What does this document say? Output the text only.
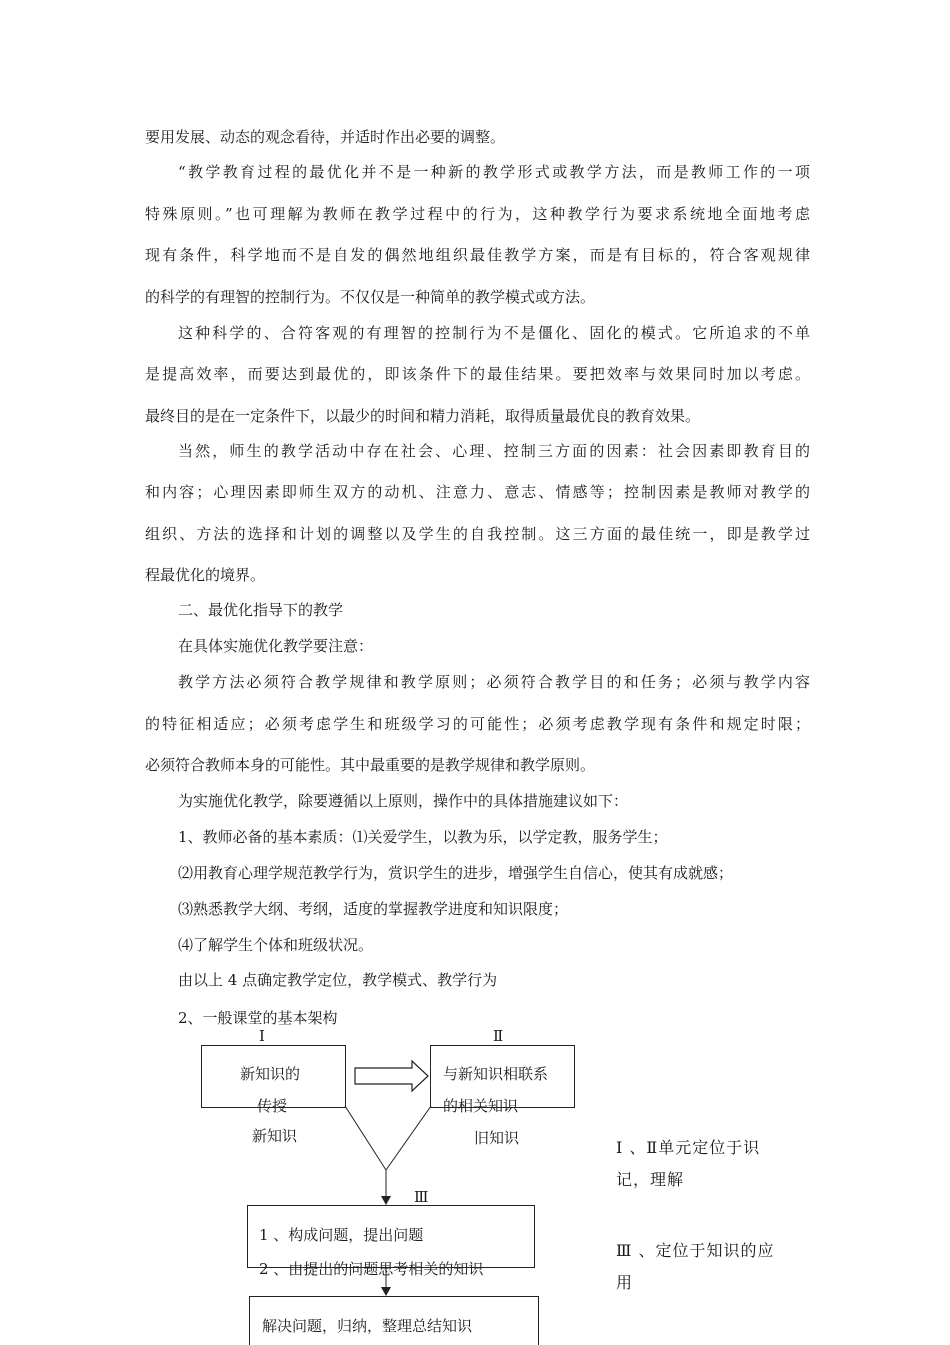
要用发展、动态的观念看待，并适时作出必要的调整。
“教学教育过程的最优化并不是一种新的教学形式或教学方法，而是教师工作的一项
特殊原则。”也可理解为教师在教学过程中的行为，这种教学行为要求系统地全面地考虑
现有条件，科学地而不是自发的偶然地组织最佳教学方案，而是有目标的，符合客观规律
的科学的有理智的控制行为。不仅仅是一种简单的教学模式或方法。
这种科学的、合符客观的有理智的控制行为不是僵化、固化的模式。它所追求的不单
是提高效率，而要达到最优的，即该条件下的最佳结果。要把效率与效果同时加以考虑。
最终目的是在一定条件下，以最少的时间和精力消耗，取得质量最优良的教育效果。
当然，师生的教学活动中存在社会、心理、控制三方面的因素：社会因素即教育目的
和内容；心理因素即师生双方的动机、注意力、意志、情感等；控制因素是教师对教学的
组织、方法的选择和计划的调整以及学生的自我控制。这三方面的最佳统一，即是教学过
程最优化的境界。
二、最优化指导下的教学
在具体实施优化教学要注意：
教学方法必须符合教学规律和教学原则；必须符合教学目的和任务；必须与教学内容
的特征相适应；必须考虑学生和班级学习的可能性；必须考虑教学现有条件和规定时限；
必须符合教师本身的可能性。其中最重要的是教学规律和教学原则。
为实施优化教学，除要遵循以上原则，操作中的具体措施建议如下：
1、教师必备的基本素质：⑴关爱学生，以教为乐，以学定教，服务学生；
⑵用教育心理学规范教学行为，赏识学生的进步，增强学生自信心，使其有成就感；
⑶熟悉教学大纲、考纲，适度的掌握教学进度和知识限度；
⑷了解学生个体和班级状况。
由以上 4 点确定教学定位，教学模式、教学行为
2、一般课堂的基本架构
Ⅰ	Ⅱ
Ⅲ
新知识的
传授
新知识
与新知识相联系
的相关知识
旧知识
1 、构成问题，提出问题
2 、由提出的问题思考相关的知识
解决问题，归纳，整理总结知识
Ⅰ 、Ⅱ单元定位于识
记，理解
Ⅲ 、定位于知识的应
用
